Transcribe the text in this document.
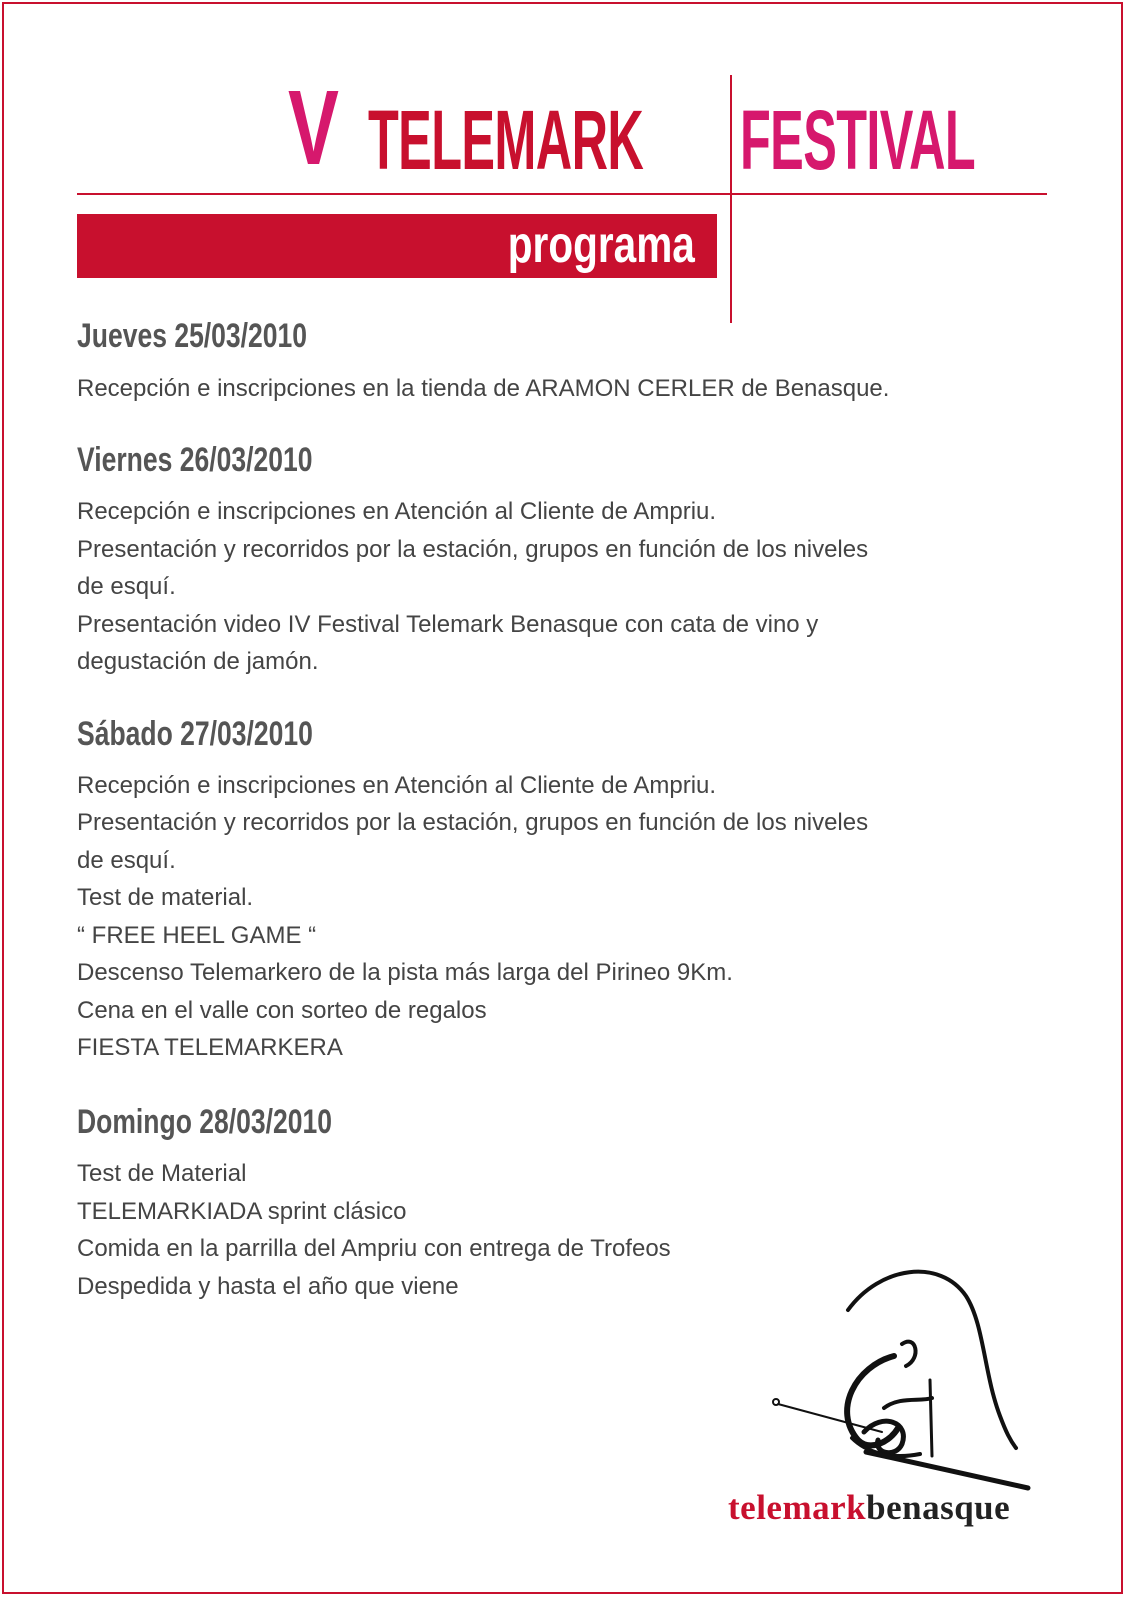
V TELEMARK FESTIVAL
programa
Jueves 25/03/2010
Recepción e inscripciones en la tienda de ARAMON CERLER de Benasque.
Viernes 26/03/2010
Recepción e inscripciones en Atención al Cliente de Ampriu.
Presentación y recorridos por la estación, grupos en función de los niveles
de esquí.
Presentación video IV Festival Telemark Benasque con cata de vino y
degustación de jamón.
Sábado 27/03/2010
Recepción e inscripciones en Atención al Cliente de Ampriu.
Presentación y recorridos por la estación, grupos en función de los niveles
de esquí.
Test de material.
“ FREE HEEL GAME “
Descenso Telemarkero de la pista más larga del Pirineo 9Km.
Cena en el valle con sorteo de regalos
FIESTA TELEMARKERA
Domingo 28/03/2010
Test de Material
TELEMARKIADA sprint clásico
Comida en la parrilla del Ampriu con entrega de Trofeos
Despedida y hasta el año que viene
telemarkbenasque
